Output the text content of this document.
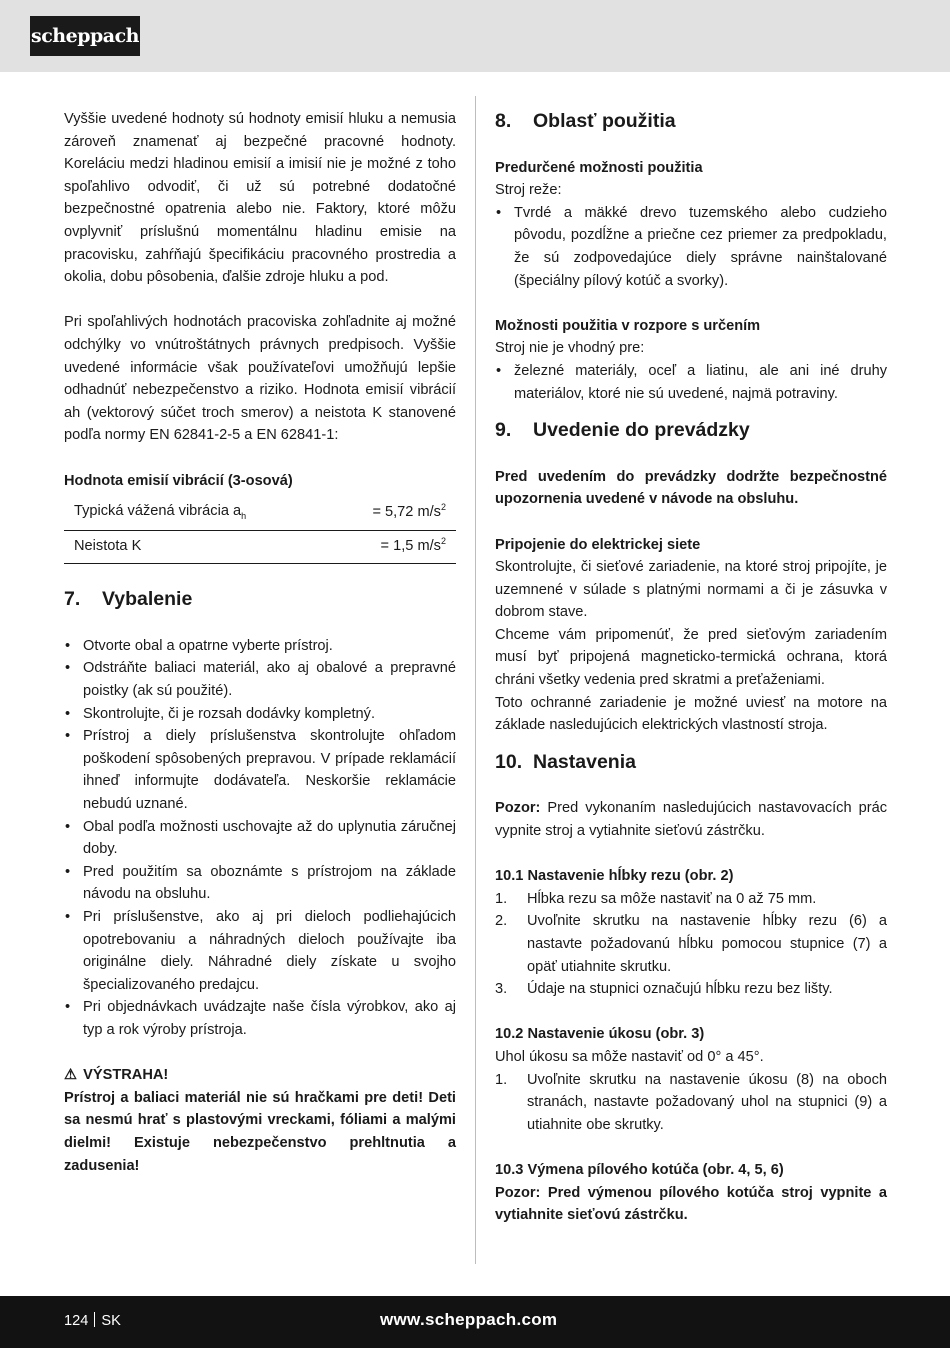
scheppach

Vyššie uvedené hodnoty sú hodnoty emisií hluku a nemusia zároveň znamenať aj bezpečné pracovné hodnoty. Koreláciu medzi hladinou emisií a imisií nie je možné z toho spoľahlivo odvodiť, či už sú potrebné dodatočné bezpečnostné opatrenia alebo nie. Faktory, ktoré môžu ovplyvniť príslušnú momentálnu hladinu emisie na pracovisku, zahŕňajú špecifikáciu pracovného prostredia a okolia, dobu pôsobenia, ďalšie zdroje hluku a pod.

Pri spoľahlivých hodnotách pracoviska zohľadnite aj možné odchýlky vo vnútroštátnych právnych predpisoch. Vyššie uvedené informácie však používateľovi umožňujú lepšie odhadnúť nebezpečenstvo a riziko. Hodnota emisií vibrácií ah (vektorový súčet troch smerov) a neistota K stanovené podľa normy EN 62841-2-5 a EN 62841-1:

Hodnota emisií vibrácií (3-osová)

Typická vážená vibrácia $a_h$	= 5,72 $m/s^2$
Neistota K	= 1,5 $m/s^2$
7.	Vybalenie
• Otvorte obal a opatrne vyberte prístroj.
• Odstráňte baliaci materiál, ako aj obalové a prepravné poistky (ak sú použité).
• Skontrolujte, či je rozsah dodávky kompletný.
• Prístroj a diely príslušenstva skontrolujte ohľadom poškodení spôsobených prepravou. V prípade reklamácií ihneď informujte dodávateľa. Neskoršie reklamácie nebudú uznané.
• Obal podľa možnosti uschovajte až do uplynutia záručnej doby.
• Pred použitím sa oboznámte s prístrojom na základe návodu na obsluhu.
• Pri príslušenstve, ako aj pri dieloch podliehajúcich opotrebovaniu a náhradných dieloch používajte iba originálne diely. Náhradné diely získate u svojho špecializovaného predajcu.
• Pri objednávkach uvádzajte naše čísla výrobkov, ako aj typ a rok výroby prístroja.

⚠ VÝSTRAHA!

Prístroj a baliaci materiál nie sú hračkami pre deti! Deti sa nesmú hrať s plastovými vreckami, fóliami a malými dielmi! Existuje nebezpečenstvo prehltnutia a zadusenia!

8.	Oblasť použitia

Predurčené možnosti použitia

Stroj reže:

• Tvrdé a mäkké drevo tuzemského alebo cudzieho pôvodu, pozdĺžne a priečne cez priemer za predpokladu, že sú zodpovedajúce diely správne nainštalované (špeciálny pílový kotúč a svorky).

Možnosti použitia v rozpore s určením

Stroj nie je vhodný pre:

• železné materiály, oceľ a liatinu, ale ani iné druhy materiálov, ktoré nie sú uvedené, najmä potraviny.
9.	Uvedenie do prevádzky

Pred uvedením do prevádzky dodržte bezpečnostné upozornenia uvedené v návode na obsluhu.

Pripojenie do elektrickej siete

Skontrolujte, či sieťové zariadenie, na ktoré stroj pripojíte, je uzemnené v súlade s platnými normami a či je zásuvka v dobrom stave.

Chceme vám pripomenúť, že pred sieťovým zariadením musí byť pripojená magneticko-termická ochrana, ktorá chráni všetky vedenia pred skratmi a preťaženiami.

Toto ochranné zariadenie je možné uviesť na motore na základe nasledujúcich elektrických vlastností stroja.

10. Nastavenia

Pozor: Pred vykonaním nasledujúcich nastavovacích prác vypnite stroj a vytiahnite sieťovú zástrčku.

10.1 Nastavenie hĺbky rezu (obr. 2)

1.	Hĺbka rezu sa môže nastaviť na 0 až 75 mm.
2.	Uvoľnite skrutku na nastavenie hĺbky rezu (6) a nastavte požadovanú hĺbku pomocou stupnice (7) a opäť utiahnite skrutku.
3.	Údaje na stupnici označujú hĺbku rezu bez lišty.

10.2 Nastavenie úkosu (obr. 3)

Uhol úkosu sa môže nastaviť od 0° a 45°.

1.	Uvoľnite skrutku na nastavenie úkosu (8) na oboch stranách, nastavte požadovaný uhol na stupnici (9) a utiahnite obe skrutky.

10.3 Výmena pílového kotúča (obr. 4, 5, 6)

Pozor: Pred výmenou pílového kotúča stroj vypnite a vytiahnite sieťovú zástrčku.

124 SK	www.scheppach.com
